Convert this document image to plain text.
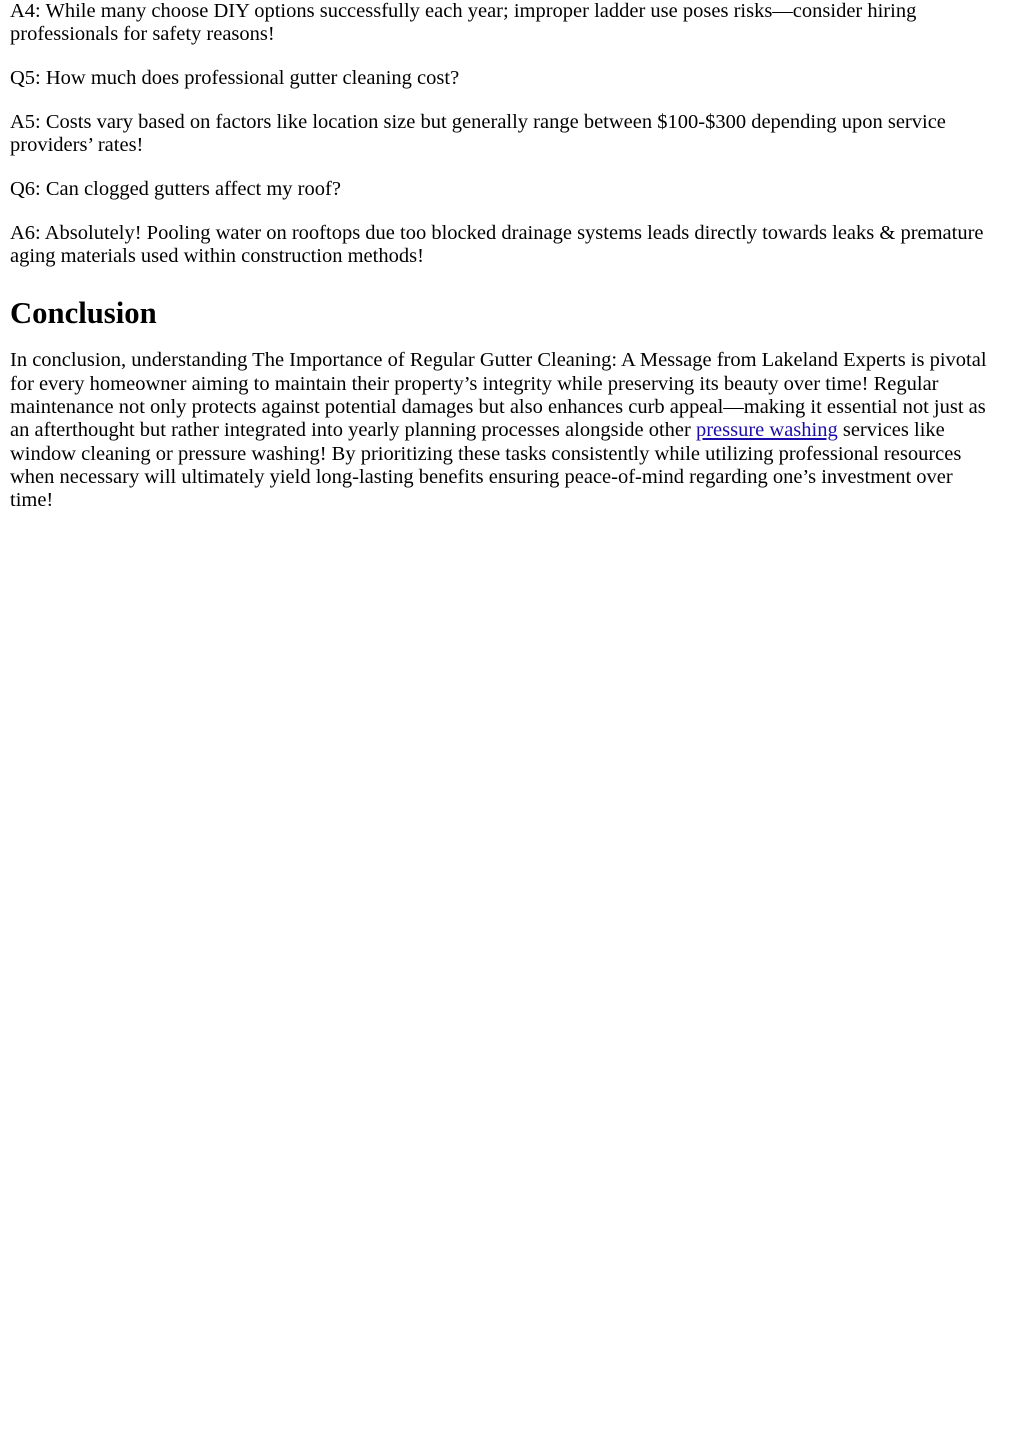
A4: While many choose DIY options successfully each year; improper ladder use poses risks—consider hiring professionals for safety reasons!

Q5: How much does professional gutter cleaning cost?

A5: Costs vary based on factors like location size but generally range between $100-$300 depending upon service providers’ rates!

Q6: Can clogged gutters affect my roof?

A6: Absolutely! Pooling water on rooftops due too blocked drainage systems leads directly towards leaks & premature aging materials used within construction methods!

Conclusion

In conclusion, understanding The Importance of Regular Gutter Cleaning: A Message from Lakeland Experts is pivotal for every homeowner aiming to maintain their property’s integrity while preserving its beauty over time! Regular maintenance not only protects against potential damages but also enhances curb appeal—making it essential not just as an afterthought but rather integrated into yearly planning processes alongside other pressure washing services like window cleaning or pressure washing! By prioritizing these tasks consistently while utilizing professional resources when necessary will ultimately yield long-lasting benefits ensuring peace-of-mind regarding one’s investment over time!
